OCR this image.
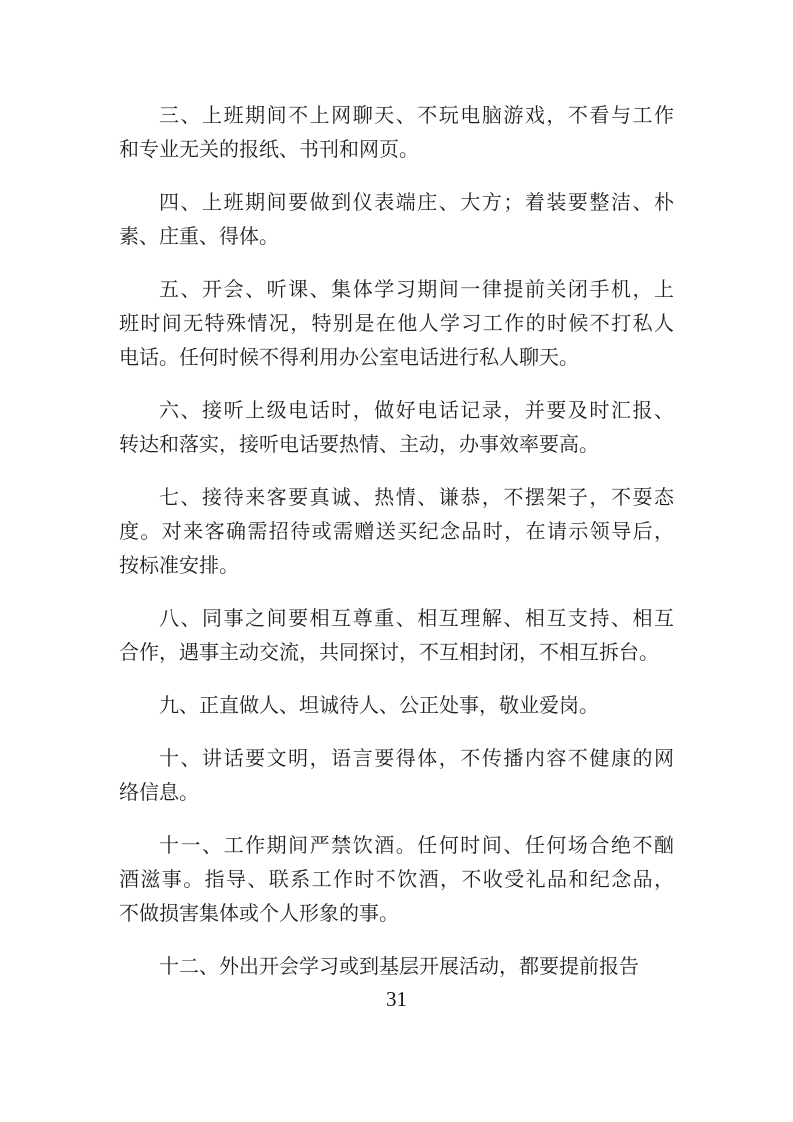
三、上班期间不上网聊天、不玩电脑游戏，不看与工作
和专业无关的报纸、书刊和网页。

四、上班期间要做到仪表端庄、大方；着装要整洁、朴
素、庄重、得体。

五、开会、听课、集体学习期间一律提前关闭手机，上
班时间无特殊情况，特别是在他人学习工作的时候不打私人
电话。任何时候不得利用办公室电话进行私人聊天。

六、接听上级电话时，做好电话记录，并要及时汇报、
转达和落实，接听电话要热情、主动，办事效率要高。

七、接待来客要真诚、热情、谦恭，不摆架子，不耍态
度。对来客确需招待或需赠送买纪念品时，在请示领导后，
按标准安排。

八、同事之间要相互尊重、相互理解、相互支持、相互
合作，遇事主动交流，共同探讨，不互相封闭，不相互拆台。

九、正直做人、坦诚待人、公正处事，敬业爱岗。

十、讲话要文明，语言要得体，不传播内容不健康的网
络信息。

十一、工作期间严禁饮酒。任何时间、任何场合绝不酗
酒滋事。指导、联系工作时不饮酒，不收受礼品和纪念品，
不做损害集体或个人形象的事。

十二、外出开会学习或到基层开展活动，都要提前报告

31
